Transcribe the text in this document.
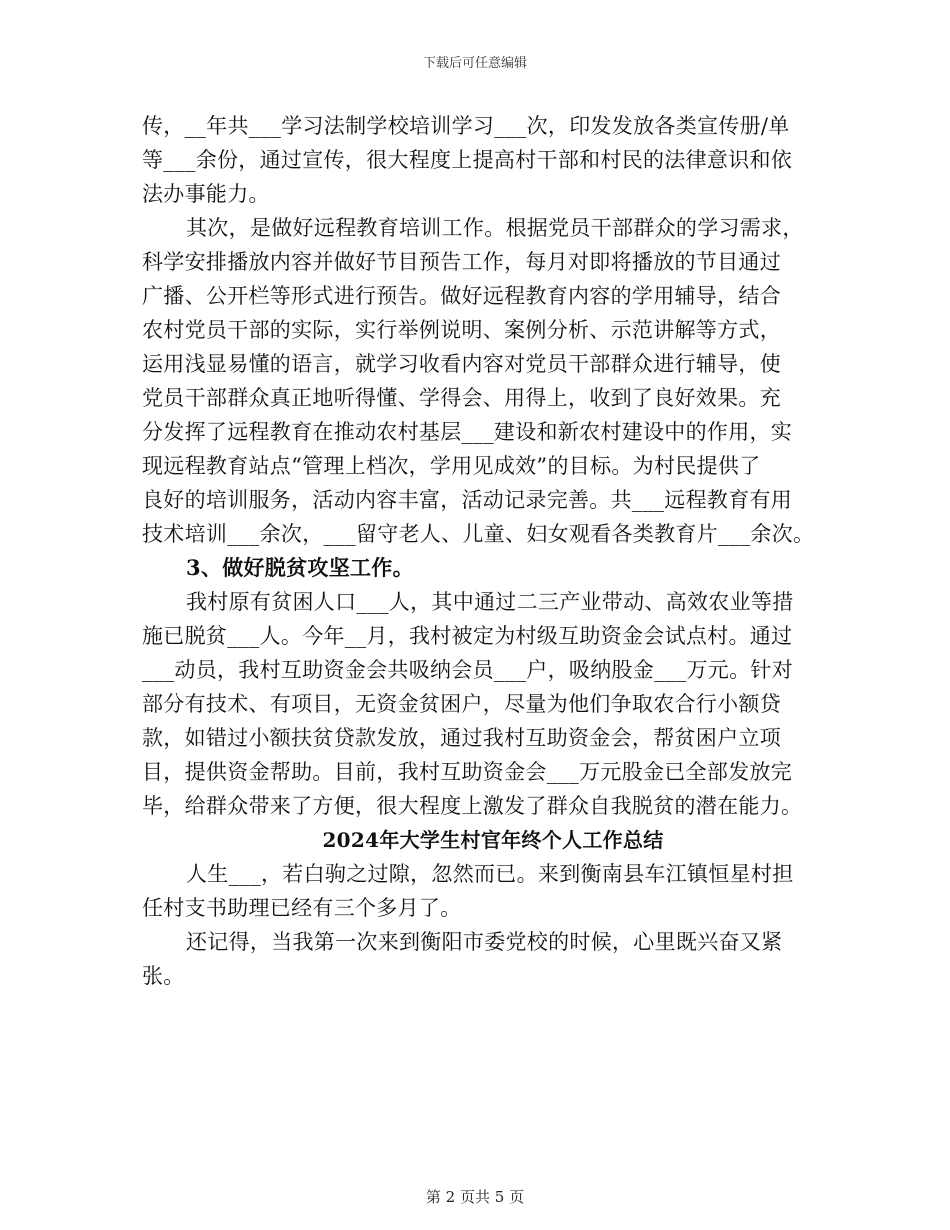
下载后可任意编辑
传，__年共___学习法制学校培训学习___次，印发发放各类宣传册/单
等___余份，通过宣传，很大程度上提高村干部和村民的法律意识和依
法办事能力。
其次，是做好远程教育培训工作。根据党员干部群众的学习需求，
科学安排播放内容并做好节目预告工作，每月对即将播放的节目通过
广播、公开栏等形式进行预告。做好远程教育内容的学用辅导，结合
农村党员干部的实际，实行举例说明、案例分析、示范讲解等方式，
运用浅显易懂的语言，就学习收看内容对党员干部群众进行辅导，使
党员干部群众真正地听得懂、学得会、用得上，收到了良好效果。充
分发挥了远程教育在推动农村基层___建设和新农村建设中的作用，实
现远程教育站点“管理上档次，学用见成效”的目标。为村民提供了
良好的培训服务，活动内容丰富，活动记录完善。共___远程教育有用
技术培训___余次，___留守老人、儿童、妇女观看各类教育片___余次。
3、做好脱贫攻坚工作。
我村原有贫困人口___人，其中通过二三产业带动、高效农业等措
施已脱贫___人。今年__月，我村被定为村级互助资金会试点村。通过
___动员，我村互助资金会共吸纳会员___户，吸纳股金___万元。针对
部分有技术、有项目，无资金贫困户，尽量为他们争取农合行小额贷
款，如错过小额扶贫贷款发放，通过我村互助资金会，帮贫困户立项
目，提供资金帮助。目前，我村互助资金会___万元股金已全部发放完
毕，给群众带来了方便，很大程度上激发了群众自我脱贫的潜在能力。
2024年大学生村官年终个人工作总结
人生___，若白驹之过隙，忽然而已。来到衡南县车江镇恒星村担
任村支书助理已经有三个多月了。
还记得，当我第一次来到衡阳市委党校的时候，心里既兴奋又紧
张。
第 2 页共 5 页
